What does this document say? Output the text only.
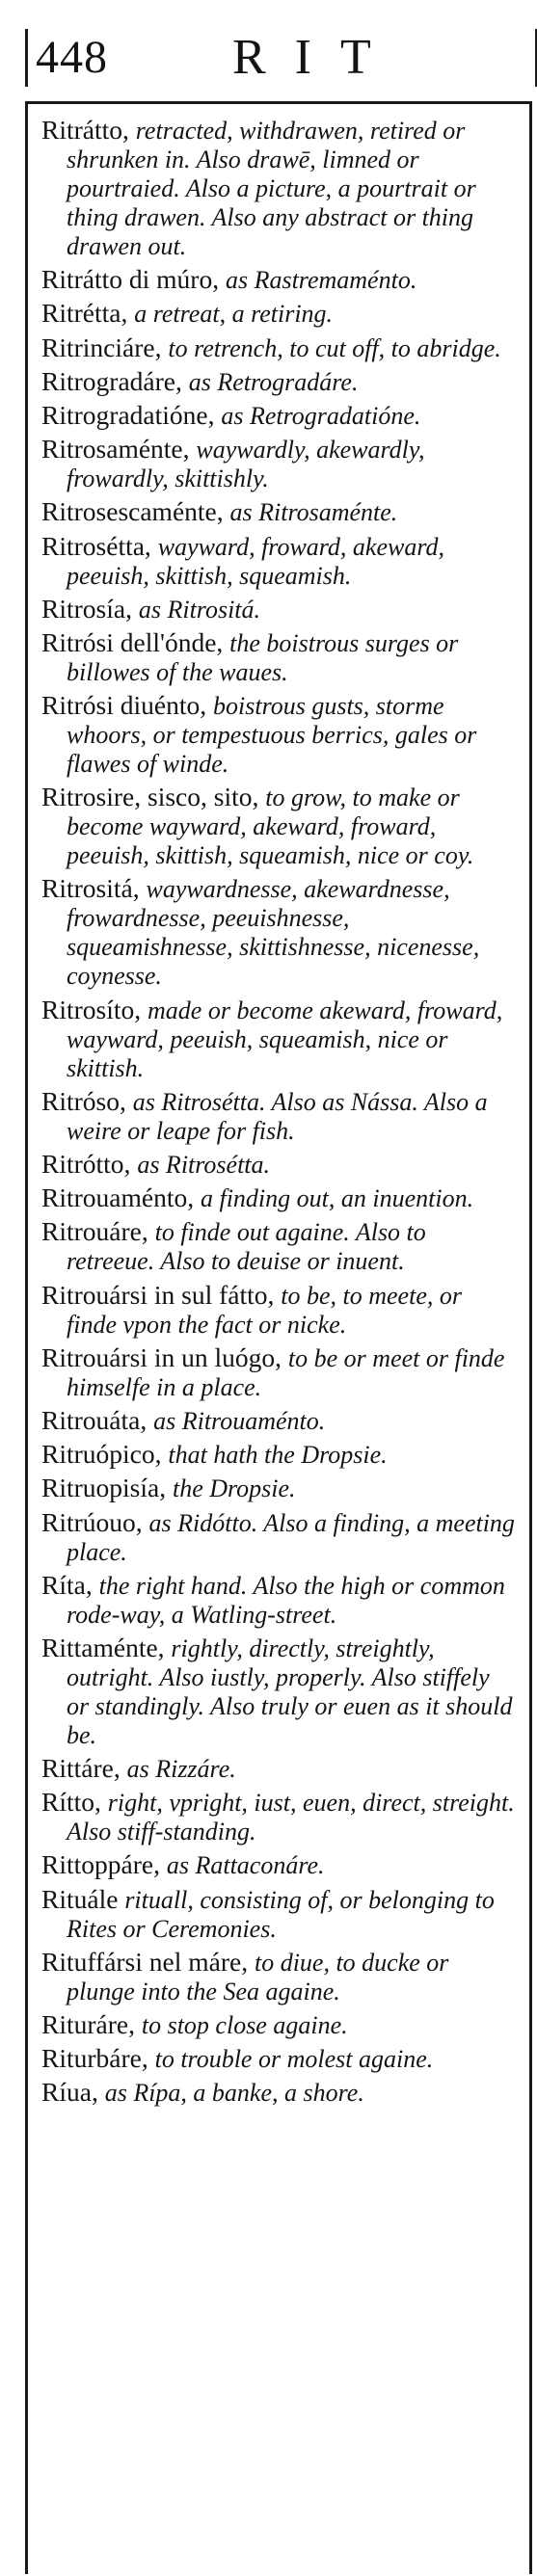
448 RIT

Ritrátto, retracted, withdrawen, retired or shrunken in. Also drawē, limned or pourtraied. Also a picture, a pourtrait or thing drawen. Also any abstract or thing drawen out.

Ritrátto di múro, as Rastremaménto.

Ritrétta, a retreat, a retiring.

Ritrinciáre, to retrench, to cut off, to abridge.

Ritrogradáre, as Retrogradáre.

Ritrogradatióne, as Retrogradatióne.

Ritrosaménte, waywardly, akewardly, frowardly, skittishly.

Ritrosescaménte, as Ritrosaménte.

Ritrosétta, wayward, froward, akeward, peeuish, skittish, squeamish.

Ritrosía, as Ritrositá.

Ritrósi dell'ónde, the boistrous surges or billowes of the waues.

Ritrósi diuénto, boistrous gusts, storme whoors, or tempestuous berrics, gales or flawes of winde.

Ritrosire, sisco, sito, to grow, to make or become wayward, akeward, froward, peeuish, skittish, squeamish, nice or coy.

Ritrositá, waywardnesse, akewardnesse, frowardnesse, peeuishnesse, squeamishnesse, skittishnesse, nicenesse, coynesse.

Ritrosíto, made or become akeward, froward, wayward, peeuish, squeamish, nice or skittish.

Ritróso, as Ritrosétta. Also as Nássa. Also a weire or leape for fish.

Ritrótto, as Ritrosétta.

Ritrouaménto, a finding out, an inuention.

Ritrouáre, to finde out againe. Also to retreeue. Also to deuise or inuent.

Ritrouársi in sul fátto, to be, to meete, or finde vpon the fact or nicke.

Ritrouársi in un luógo, to be or meet or finde himselfe in a place.

Ritrouáta, as Ritrouaménto.

Ritruópico, that hath the Dropsie.

Ritruopisía, the Dropsie.

Ritrúouo, as Ridótto. Also a finding, a meeting place.

Ríta, the right hand. Also the high or common rode-way, a Watling-street.

Rittaménte, rightly, directly, streightly, outright. Also iustly, properly. Also stiffely or standingly. Also truly or euen as it should be.

Rittáre, as Rizzáre.

Rítto, right, vpright, iust, euen, direct, streight. Also stiff-standing.

Rittoppáre, as Rattaconáre.

Rituále rituall, consisting of, or belonging to Rites or Ceremonies.

Rituffársi nel máre, to diue, to ducke or plunge into the Sea againe.

Rituráre, to stop close againe.

Riturbáre, to trouble or molest againe.

Ríua, as Rípa, a banke, a shore.
